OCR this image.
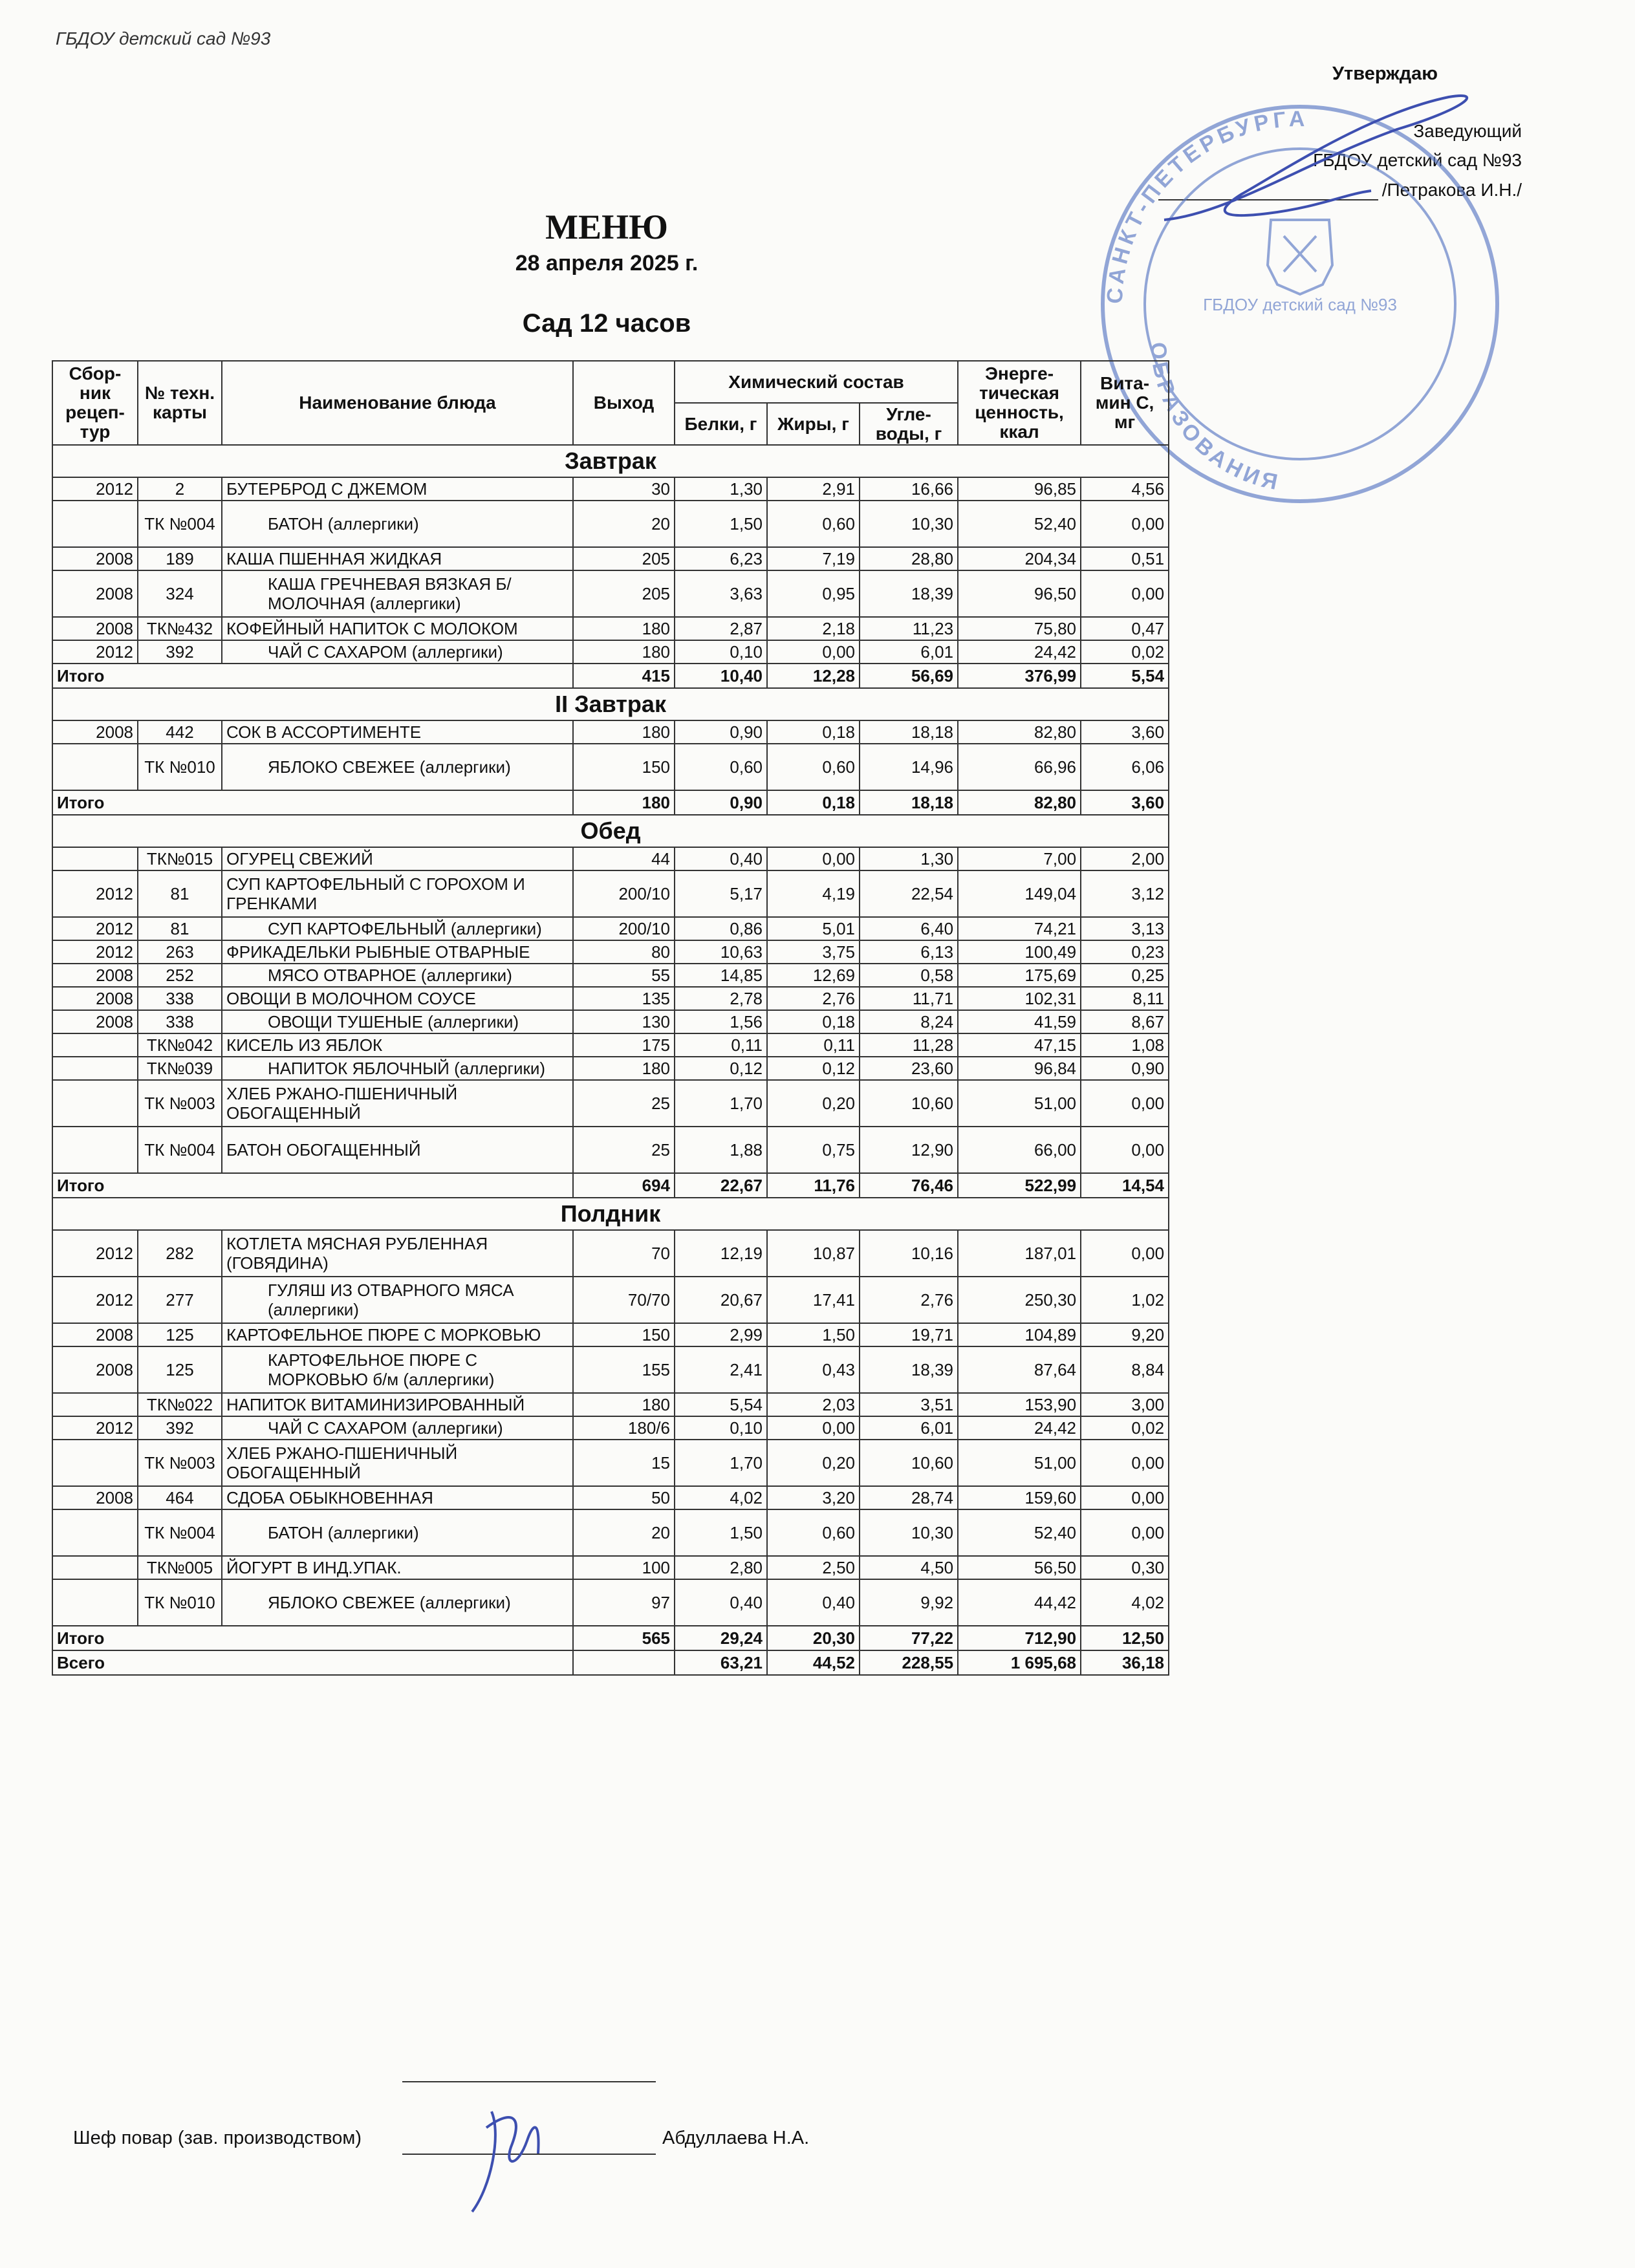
ГБДОУ детский сад №93
Утверждаю
Заведующий
ГБДОУ детский сад №93
/Петракова И.Н./
САНКТ-ПЕТЕРБУРГА
ОБРАЗОВАНИЯ
ГБДОУ детский сад №93
МЕНЮ
28 апреля 2025 г.
Сад 12 часов
Сбор-ник рецеп-тур	№ техн. карты	Наименование блюда	Выход	Химический состав			Энерге-тическая ценность, ккал	Вита-мин С, мг
				Белки, г	Жиры, г	Угле-воды, г		
Завтрак								
2012	2	БУТЕРБРОД С ДЖЕМОМ	30	1,30	2,91	16,66	96,85	4,56
	ТК №004	БАТОН (аллергики)	20	1,50	0,60	10,30	52,40	0,00
2008	189	КАША ПШЕННАЯ ЖИДКАЯ	205	6,23	7,19	28,80	204,34	0,51
2008	324	КАША ГРЕЧНЕВАЯ ВЯЗКАЯ Б/МОЛОЧНАЯ (аллергики)	205	3,63	0,95	18,39	96,50	0,00
2008	ТК№432	КОФЕЙНЫЙ НАПИТОК С МОЛОКОМ	180	2,87	2,18	11,23	75,80	0,47
2012	392	ЧАЙ С САХАРОМ (аллергики)	180	0,10	0,00	6,01	24,42	0,02
Итого			415	10,40	12,28	56,69	376,99	5,54
II Завтрак								
2008	442	СОК В АССОРТИМЕНТЕ	180	0,90	0,18	18,18	82,80	3,60
	ТК №010	ЯБЛОКО СВЕЖЕЕ (аллергики)	150	0,60	0,60	14,96	66,96	6,06
Итого			180	0,90	0,18	18,18	82,80	3,60
Обед								
	ТК№015	ОГУРЕЦ СВЕЖИЙ	44	0,40	0,00	1,30	7,00	2,00
2012	81	СУП КАРТОФЕЛЬНЫЙ С ГОРОХОМ И ГРЕНКАМИ	200/10	5,17	4,19	22,54	149,04	3,12
2012	81	СУП КАРТОФЕЛЬНЫЙ (аллергики)	200/10	0,86	5,01	6,40	74,21	3,13
2012	263	ФРИКАДЕЛЬКИ РЫБНЫЕ ОТВАРНЫЕ	80	10,63	3,75	6,13	100,49	0,23
2008	252	МЯСО ОТВАРНОЕ (аллергики)	55	14,85	12,69	0,58	175,69	0,25
2008	338	ОВОЩИ В МОЛОЧНОМ СОУСЕ	135	2,78	2,76	11,71	102,31	8,11
2008	338	ОВОЩИ ТУШЕНЫЕ (аллергики)	130	1,56	0,18	8,24	41,59	8,67
	ТК№042	КИСЕЛЬ ИЗ ЯБЛОК	175	0,11	0,11	11,28	47,15	1,08
	ТК№039	НАПИТОК ЯБЛОЧНЫЙ (аллергики)	180	0,12	0,12	23,60	96,84	0,90
	ТК №003	ХЛЕБ РЖАНО-ПШЕНИЧНЫЙ ОБОГАЩЕННЫЙ	25	1,70	0,20	10,60	51,00	0,00
	ТК №004	БАТОН ОБОГАЩЕННЫЙ	25	1,88	0,75	12,90	66,00	0,00
Итого			694	22,67	11,76	76,46	522,99	14,54
Полдник								
2012	282	КОТЛЕТА МЯСНАЯ РУБЛЕННАЯ (ГОВЯДИНА)	70	12,19	10,87	10,16	187,01	0,00
2012	277	ГУЛЯШ ИЗ ОТВАРНОГО МЯСА (аллергики)	70/70	20,67	17,41	2,76	250,30	1,02
2008	125	КАРТОФЕЛЬНОЕ ПЮРЕ С МОРКОВЬЮ	150	2,99	1,50	19,71	104,89	9,20
2008	125	КАРТОФЕЛЬНОЕ ПЮРЕ С МОРКОВЬЮ б/м (аллергики)	155	2,41	0,43	18,39	87,64	8,84
	ТК№022	НАПИТОК ВИТАМИНИЗИРОВАННЫЙ	180	5,54	2,03	3,51	153,90	3,00
2012	392	ЧАЙ С САХАРОМ (аллергики)	180/6	0,10	0,00	6,01	24,42	0,02
	ТК №003	ХЛЕБ РЖАНО-ПШЕНИЧНЫЙ ОБОГАЩЕННЫЙ	15	1,70	0,20	10,60	51,00	0,00
2008	464	СДОБА ОБЫКНОВЕННАЯ	50	4,02	3,20	28,74	159,60	0,00
	ТК №004	БАТОН (аллергики)	20	1,50	0,60	10,30	52,40	0,00
	ТК№005	ЙОГУРТ В ИНД.УПАК.	100	2,80	2,50	4,50	56,50	0,30
	ТК №010	ЯБЛОКО СВЕЖЕЕ (аллергики)	97	0,40	0,40	9,92	44,42	4,02
Итого			565	29,24	20,30	77,22	712,90	12,50
Всего				63,21	44,52	228,55	1 695,68	36,18
Шеф повар (зав. производством)	Абдуллаева Н.А.
